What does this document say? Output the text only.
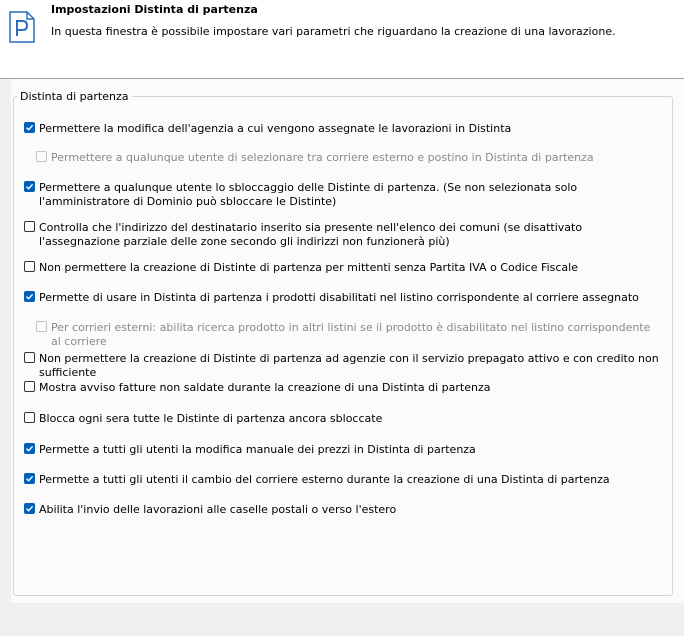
Impostazioni Distinta di partenza
In questa finestra è possibile impostare vari parametri che riguardano la creazione di una lavorazione.
Distinta di partenza
Permettere la modifica dell'agenzia a cui vengono assegnate le lavorazioni in Distinta
Permettere a qualunque utente di selezionare tra corriere esterno e postino in Distinta di partenza
Permettere a qualunque utente lo sbloccaggio delle Distinte di partenza. (Se non selezionata solo l'amministratore di Dominio può sbloccare le Distinte)
Controlla che l'indirizzo del destinatario inserito sia presente nell'elenco dei comuni (se disattivato l'assegnazione parziale delle zone secondo gli indirizzi non funzionerà più)
Non permettere la creazione di Distinte di partenza per mittenti senza Partita IVA o Codice Fiscale
Permette di usare in Distinta di partenza i prodotti disabilitati nel listino corrispondente al corriere assegnato
Per corrieri esterni: abilita ricerca prodotto in altri listini se il prodotto è disabilitato nel listino corrispondente al corriere
Non permettere la creazione di Distinte di partenza ad agenzie con il servizio prepagato attivo e con credito non sufficiente
Mostra avviso fatture non saldate durante la creazione di una Distinta di partenza
Blocca ogni sera tutte le Distinte di partenza ancora sbloccate
Permette a tutti gli utenti la modifica manuale dei prezzi in Distinta di partenza
Permette a tutti gli utenti il cambio del corriere esterno durante la creazione di una Distinta di partenza
Abilita l'invio delle lavorazioni alle caselle postali o verso l'estero
